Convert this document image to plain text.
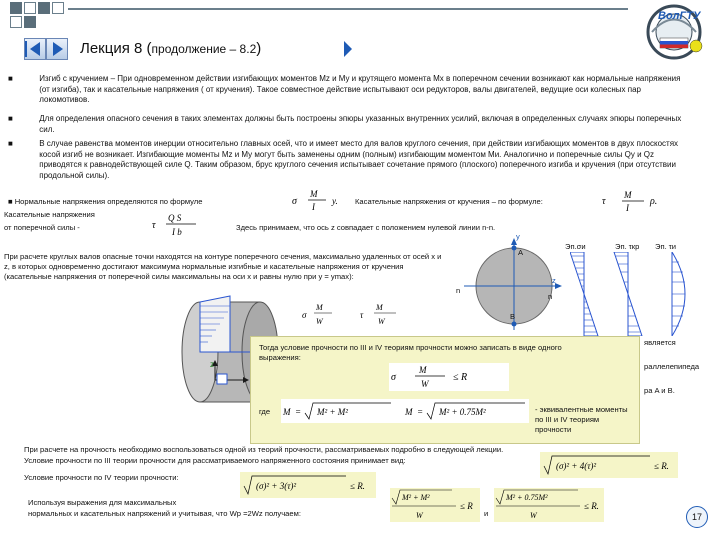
ВолГТУ
Лекция 8 (продолжение – 8.2)
■	Изгиб с кручением – При одновременном действии изгибающих моментов Mz и My и крутящего момента Mx в поперечном сечении возникают как нормальные напряжения (от изгиба), так и касательные напряжения ( от кручения). Такое совместное действие испытывают оси редукторов, валы двигателей, ведущие оси колесных пар локомотивов.
■	Для определения опасного сечения в таких элементах должны быть построены эпюры указанных внутренних усилий, включая в определенных случаях эпюры поперечных сил.
■	В случае равенства моментов инерции относительно главных осей, что и имеет место для валов круглого сечения, при действии изгибающих моментов в двух плоскостях косой изгиб не возникает. Изгибающие моменты Mz и My могут быть заменены одним (полным) изгибающим моментом Mи. Аналогично и поперечные силы Qy и Qz приводятся к равнодействующей силе Q. Таким образом, брус круглого сечения испытывает сочетание прямого (плоского) поперечного изгиба и кручения (при отсутствии продольной силы).
■ Нормальные напряжения определяются по формуле	σ
M
I
y. Касательные напряжения от кручения – по формуле:	τ
M
I
ρ.
Касательные напряжения
от поперечной силы -	τ
Q S
I b	Здесь принимаем, что ось z совпадает с положением нулевой линии n-n.
При расчете круглых валов опасные точки находятся на контуре поперечного сечения, максимально удаленных от осей x и z, в которых одновременно достигают максимума нормальные изгибные и касательные напряжения от кручения (касательные напряжения от поперечной силы максимальны на оси x и равны нулю при y = ymax):
σ
M
W
τ
M
W
y
A
n
z
n
B
Эп.σи	Эп. τкр Эп. τи
z
Тогда условие прочности по III и IV теориям прочности можно записать в виде одного выражения:
σ
M
W
≤ R
где M = M² + M²	M = M² + 0.75M²	- эквивалентные моменты по III и IV теориям прочности
является
раллелепипеда
ра A и B.
При расчете на прочность необходимо воспользоваться одной из теорий прочности, рассматриваемых подробно в следующей лекции.
Условие прочности по III теории прочности для рассматриваемого напряженного состояния принимает вид:
(σ)² + 4(τ)²	≤ R.
Условие прочности по IV теории прочности:
(σ)² + 3(τ)²	≤ R.
Используя выражения для максимальных
нормальных и касательных напряжений и учитывая, что Wp =2Wz получаем:
M² + M²
W
≤ R
и
M² + 0.75M²
W
≤ R.
17
